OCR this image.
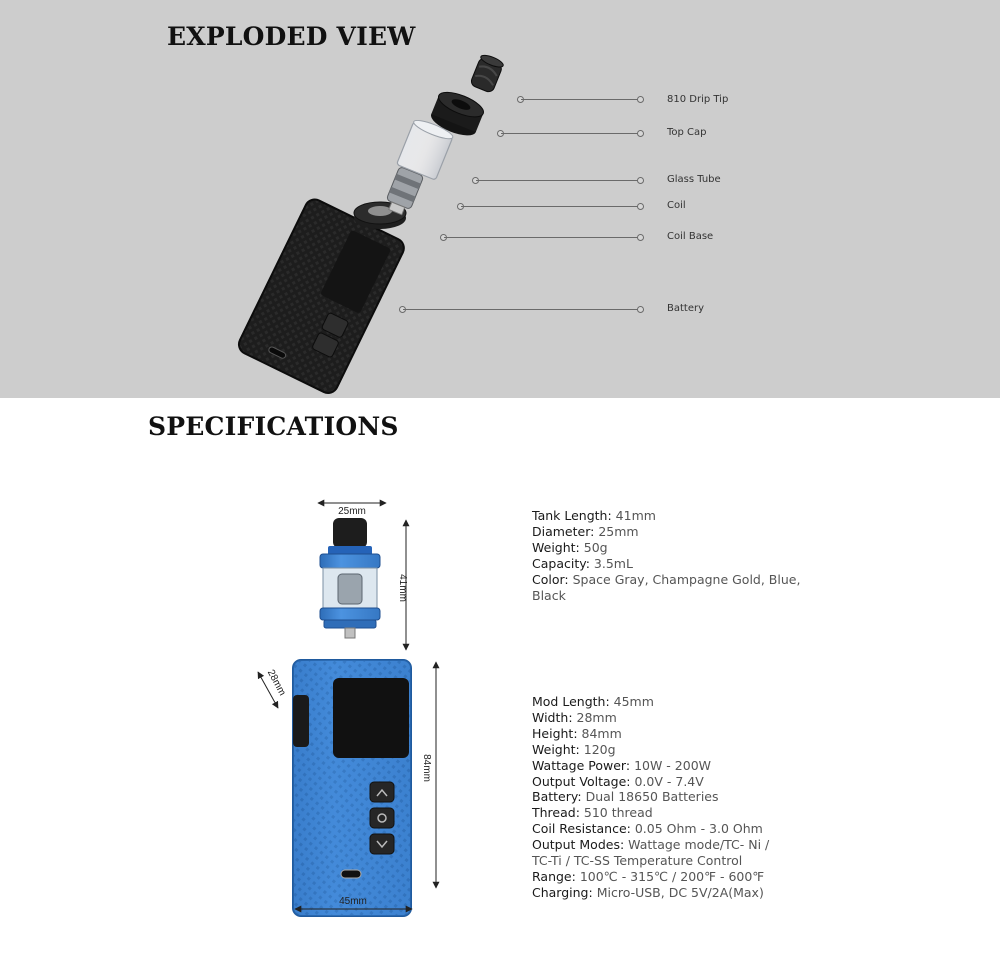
EXPLODED VIEW
810 Drip Tip
Top Cap
Glass Tube
Coil
Coil Base
Battery
SPECIFICATIONS
25mm
41mm
28mm
84mm
45mm
Tank Length: 41mm
Diameter: 25mm
Weight: 50g
Capacity: 3.5mL
Color: Space Gray, Champagne Gold, Blue,
Black
Mod Length: 45mm
Width: 28mm
Height: 84mm
Weight: 120g
Wattage Power: 10W - 200W
Output Voltage: 0.0V - 7.4V
Battery: Dual 18650 Batteries
Thread: 510 thread
Coil Resistance: 0.05 Ohm - 3.0 Ohm
Output Modes: Wattage mode/TC- Ni /
TC-Ti / TC-SS Temperature Control
Range: 100℃ - 315℃ / 200℉ - 600℉
Charging: Micro-USB, DC 5V/2A(Max)
